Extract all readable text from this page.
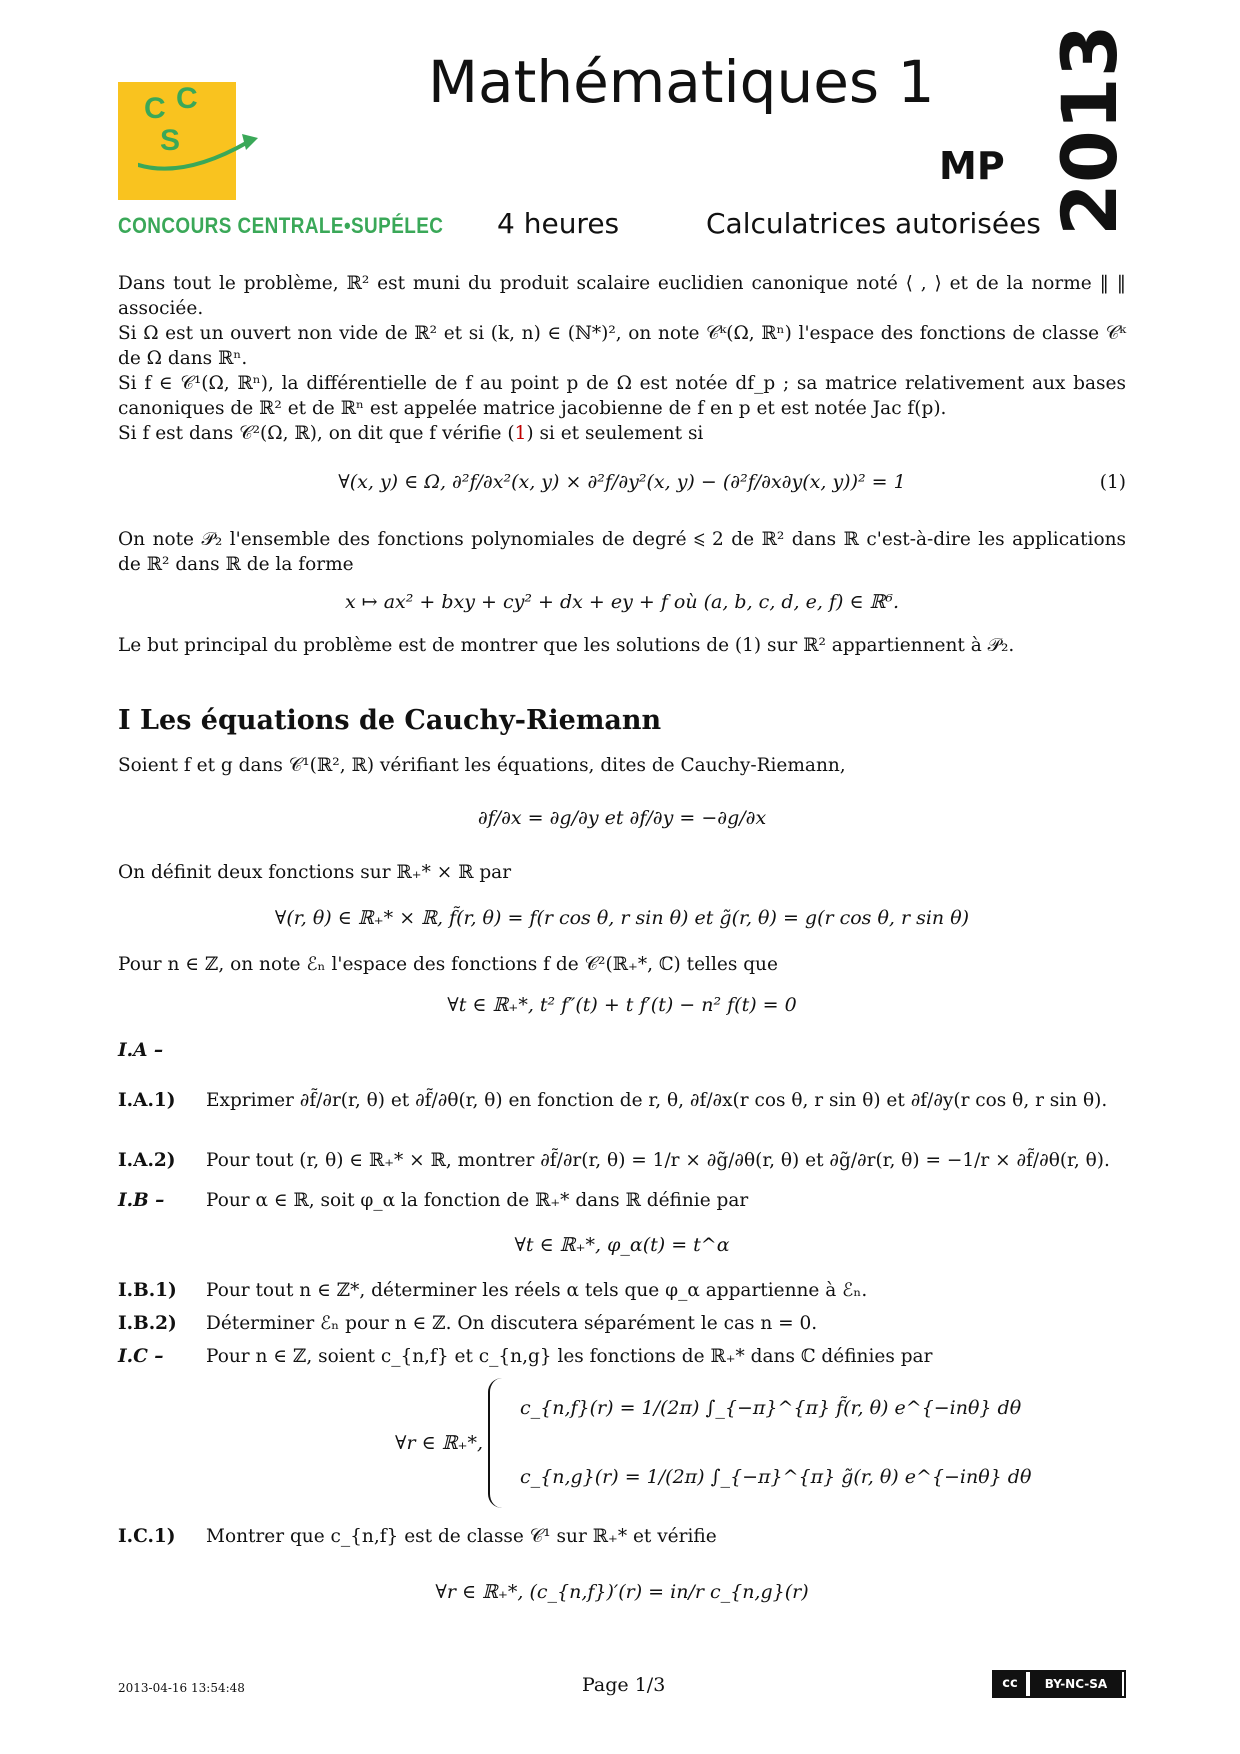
C C
S
CONCOURS CENTRALE•SUPÉLEC
Mathématiques 1
MP 2013
4 heures	Calculatrices autorisées

Dans tout le problème, ℝ² est muni du produit scalaire euclidien canonique noté ⟨ , ⟩ et de la norme ‖ ‖ associée.

Si Ω est un ouvert non vide de ℝ² et si (k, n) ∈ (ℕ*)², on note 𝒞ᵏ(Ω, ℝⁿ) l'espace des fonctions de classe 𝒞ᵏ de Ω dans ℝⁿ.

Si f ∈ 𝒞¹(Ω, ℝⁿ), la différentielle de f au point p de Ω est notée df_p ; sa matrice relativement aux bases canoniques de ℝ² et de ℝⁿ est appelée matrice jacobienne de f en p et est notée Jac f(p).

Si f est dans 𝒞²(Ω, ℝ), on dit que f vérifie (1) si et seulement si

∀(x, y) ∈ Ω, ∂²f/∂x²(x, y) × ∂²f/∂y²(x, y) − (∂²f/∂x∂y(x, y))² = 1	(1)

On note 𝒫₂ l'ensemble des fonctions polynomiales de degré ⩽ 2 de ℝ² dans ℝ c'est-à-dire les applications de ℝ² dans ℝ de la forme

x ↦ ax² + bxy + cy² + dx + ey + f où (a, b, c, d, e, f) ∈ ℝ⁶.
Le but principal du problème est de montrer que les solutions de (1) sur ℝ² appartiennent à 𝒫₂.
I Les équations de Cauchy-Riemann
Soient f et g dans 𝒞¹(ℝ², ℝ) vérifiant les équations, dites de Cauchy-Riemann,
∂f/∂x = ∂g/∂y et ∂f/∂y = −∂g/∂x
On définit deux fonctions sur ℝ₊* × ℝ par
∀(r, θ) ∈ ℝ₊* × ℝ, f̃(r, θ) = f(r cos θ, r sin θ) et g̃(r, θ) = g(r cos θ, r sin θ)
Pour n ∈ ℤ, on note ℰₙ l'espace des fonctions f de 𝒞²(ℝ₊*, ℂ) telles que
∀t ∈ ℝ₊*, t² f″(t) + t f′(t) − n² f(t) = 0
I.A –
I.A.1) Exprimer ∂f̃/∂r(r, θ) et ∂f̃/∂θ(r, θ) en fonction de r, θ, ∂f/∂x(r cos θ, r sin θ) et ∂f/∂y(r cos θ, r sin θ).
I.A.2) Pour tout (r, θ) ∈ ℝ₊* × ℝ, montrer ∂f̃/∂r(r, θ) = 1/r × ∂g̃/∂θ(r, θ) et ∂g̃/∂r(r, θ) = −1/r × ∂f̃/∂θ(r, θ).
I.B – Pour α ∈ ℝ, soit φ_α la fonction de ℝ₊* dans ℝ définie par
∀t ∈ ℝ₊*, φ_α(t) = t^α
I.B.1) Pour tout n ∈ ℤ*, déterminer les réels α tels que φ_α appartienne à ℰₙ.
I.B.2) Déterminer ℰₙ pour n ∈ ℤ. On discutera séparément le cas n = 0.
I.C – Pour n ∈ ℤ, soient c_{n,f} et c_{n,g} les fonctions de ℝ₊* dans ℂ définies par
∀r ∈ ℝ₊*,
c_{n,f}(r) = 1/(2π) ∫_{−π}^{π} f̃(r, θ) e^{−inθ} dθ
c_{n,g}(r) = 1/(2π) ∫_{−π}^{π} g̃(r, θ) e^{−inθ} dθ
I.C.1) Montrer que c_{n,f} est de classe 𝒞¹ sur ℝ₊* et vérifie
∀r ∈ ℝ₊*, (c_{n,f})′(r) = in/r c_{n,g}(r)
2013-04-16 13:54:48	Page 1/3	cc	BY-NC-SA
